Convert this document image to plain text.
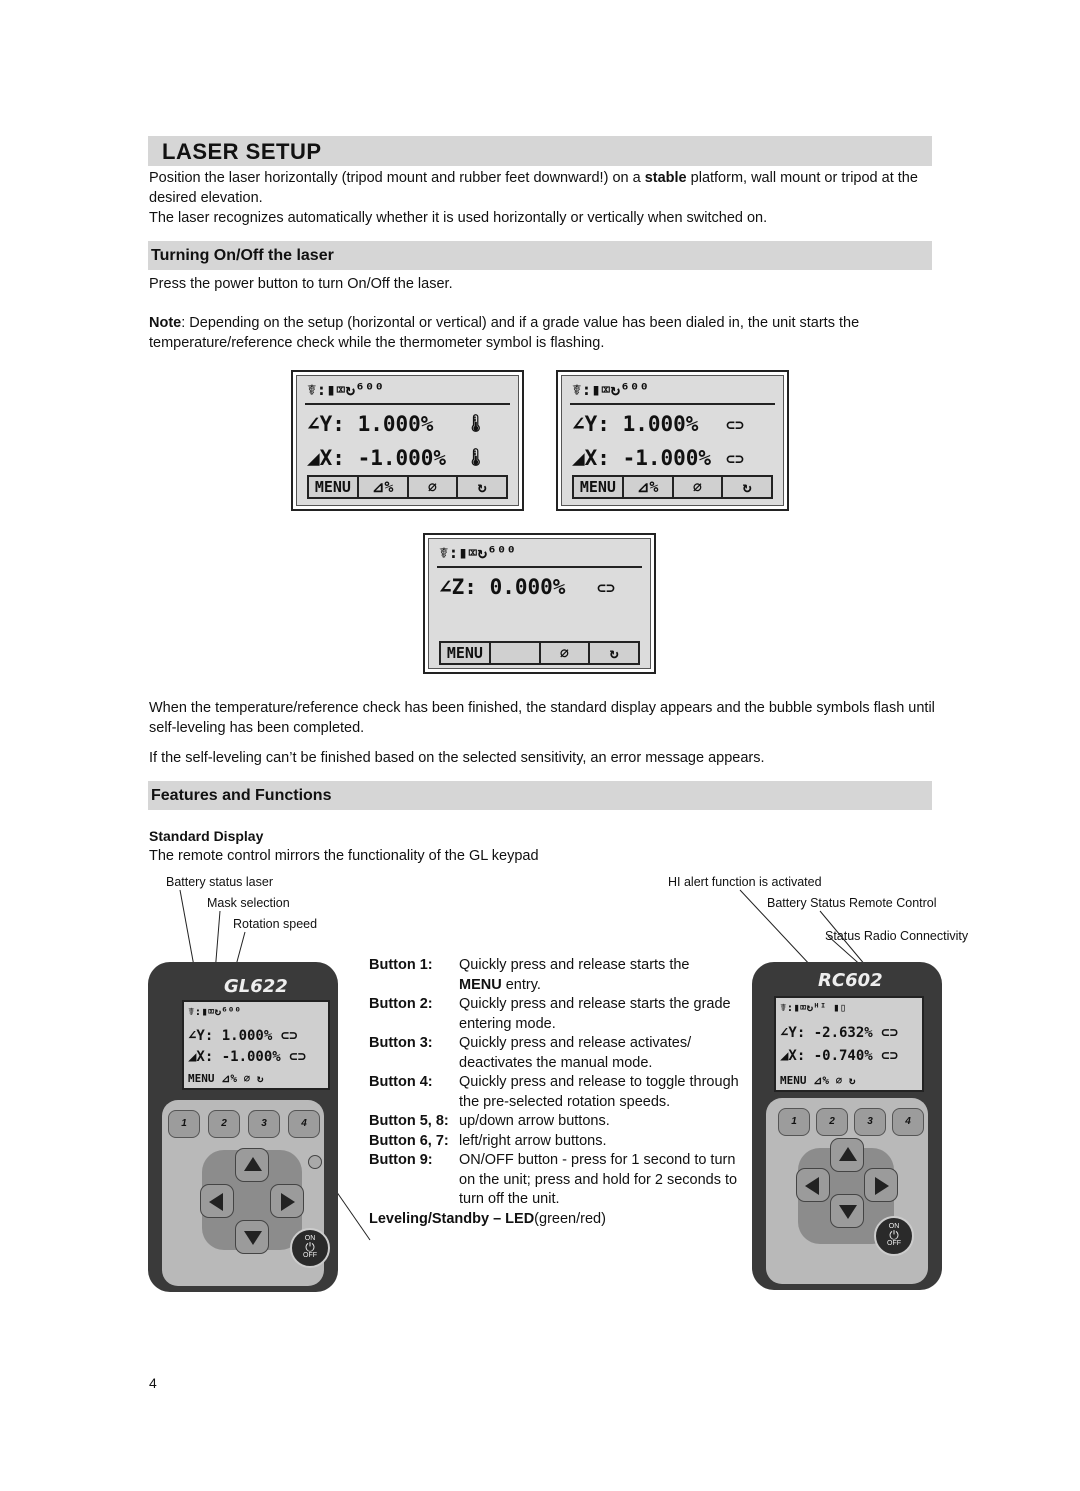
LASER SETUP
Position the laser horizontally (tripod mount and rubber feet downward!) on a stable platform, wall mount or tripod at the desired elevation.
The laser recognizes automatically whether it is used horizontally or vertically when switched on.
Turning On/Off the laser
Press the power button to turn On/Off the laser.
Note: Depending on the setup (horizontal or vertical) and if a grade value has been dialed in, the unit starts the temperature/reference check while the thermometer symbol is flashing.
☤:▮⌧↻⁶⁰⁰
∠Y: 1.000% 🌡
◢X: -1.000% 🌡
MENU	⊿%	⌀	↻
☤:▮⌧↻⁶⁰⁰
∠Y: 1.000% ⊂⊃
◢X: -1.000% ⊂⊃
MENU	⊿%	⌀	↻
☤:▮⌧↻⁶⁰⁰
∠Z: 0.000% ⊂⊃
MENU	⌀	↻
When the temperature/reference check has been finished, the standard display appears and the bubble symbols flash until self-leveling has been completed.
If the self-leveling can’t be finished based on the selected sensitivity, an error message appears.
Features and Functions
Standard Display
The remote control mirrors the functionality of the GL keypad
Battery status laser
Mask selection
Rotation speed
HI alert function is activated
Battery Status Remote Control
Status Radio Connectivity
GL622
☤:▮⌧↻⁶⁰⁰
∠Y: 1.000% ⊂⊃
◢X: -1.000% ⊂⊃
MENU ⊿% ⌀ ↻
1	2	3	4
ON
⏻
OFF
Button 1:	Quickly press and release starts the
MENU entry.
Button 2:	Quickly press and release starts the grade entering mode.
Button 3:	Quickly press and release activates/ deactivates the manual mode.
Button 4:	Quickly press and release to toggle through the pre-selected rotation speeds.
Button 5, 8: up/down arrow buttons.
Button 6, 7: left/right arrow buttons.
Button 9:	ON/OFF button - press for 1 second to turn on the unit; press and hold for 2 seconds to turn off the unit.
Leveling/Standby – LED (green/red)
RC602
☤:▮⌧↻ᴴᴵ ▮▯
∠Y: -2.632% ⊂⊃
◢X: -0.740% ⊂⊃
MENU ⊿% ⌀ ↻
1	2	3	4
ON
⏻
OFF
4
